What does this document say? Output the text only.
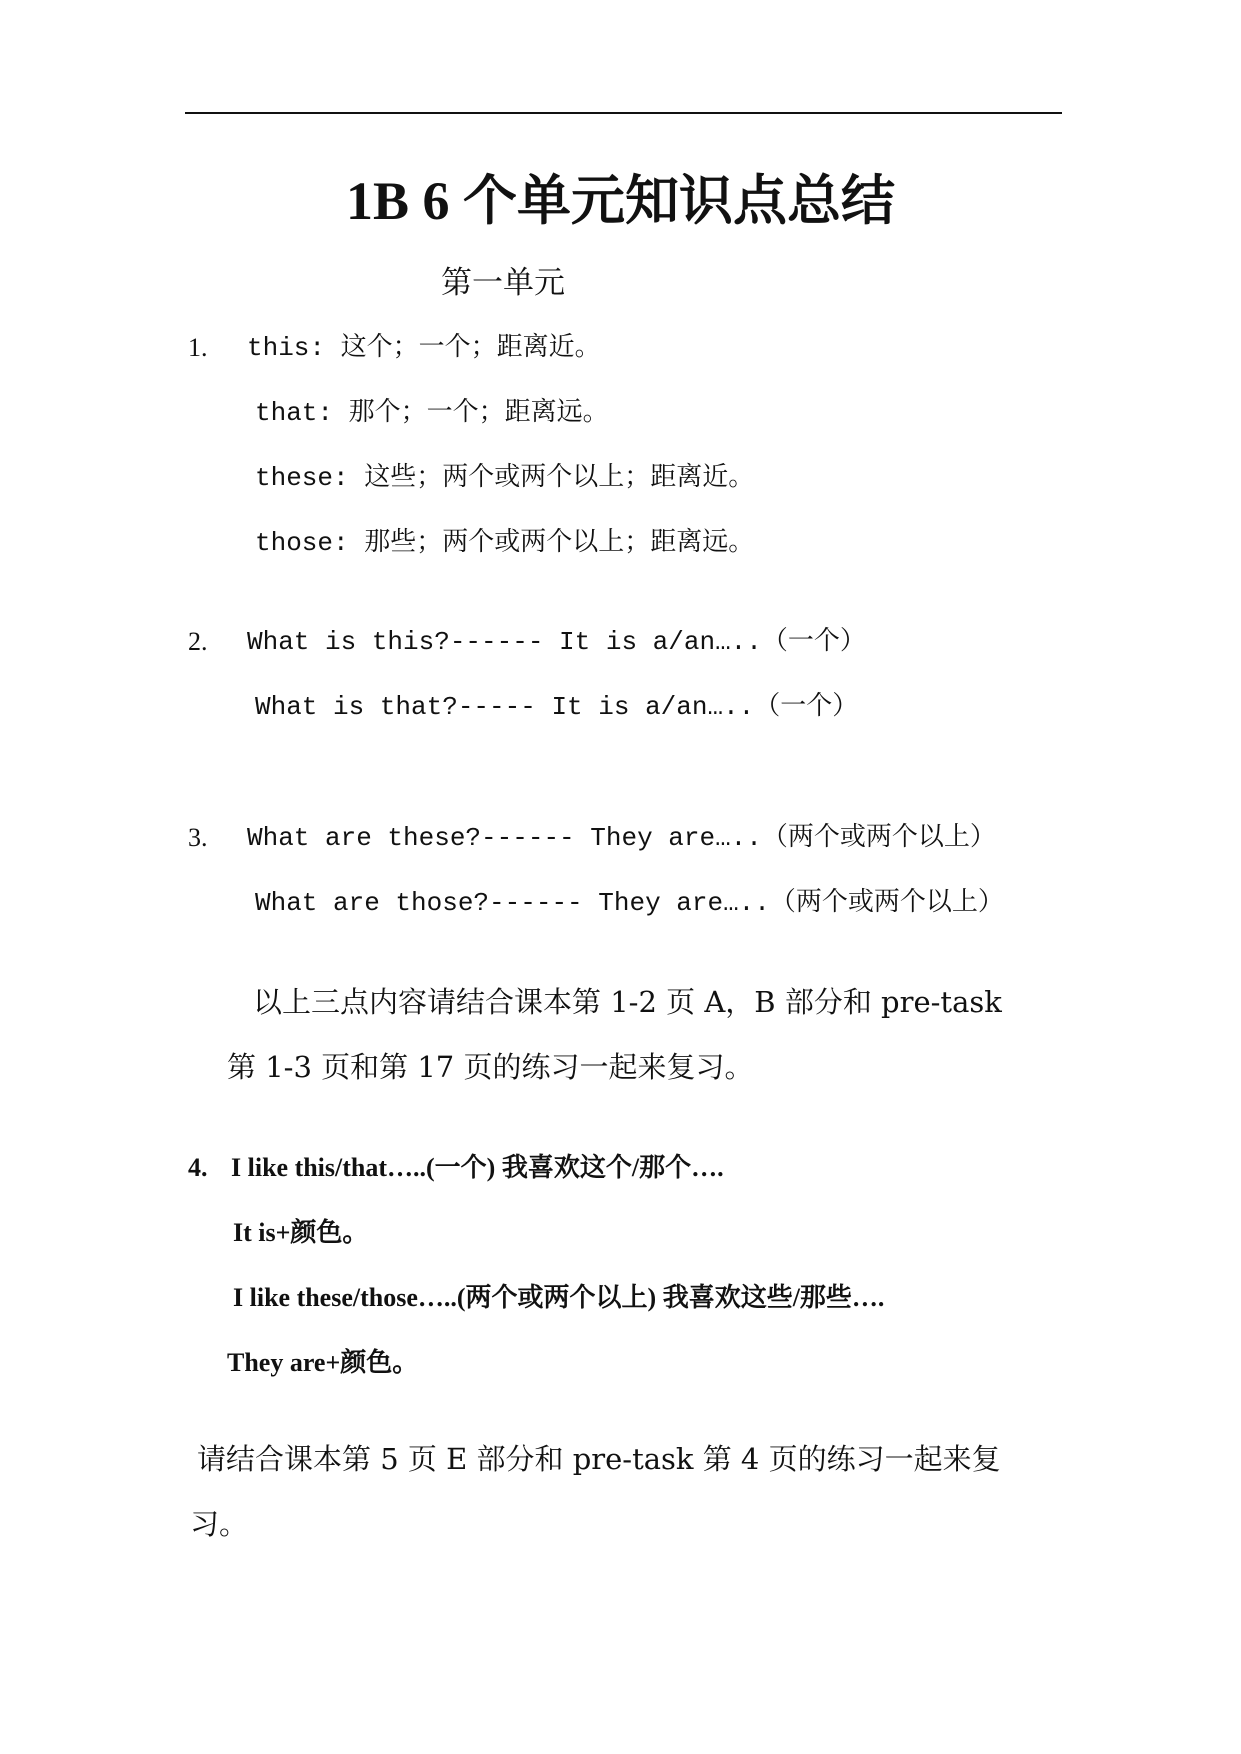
1B 6 个单元知识点总结
第一单元
1. this: 这个；一个；距离近。
that: 那个；一个；距离远。
these: 这些；两个或两个以上；距离近。
those: 那些；两个或两个以上；距离远。
2. What is this?------ It is a/an…..（一个）
What is that?----- It is a/an…..（一个）
3. What are these?------ They are…..（两个或两个以上）
What are those?------ They are…..（两个或两个以上）
以上三点内容请结合课本第 1-2 页 A，B 部分和 pre-task
第 1-3 页和第 17 页的练习一起来复习。
4. I like this/that…..(一个) 我喜欢这个/那个….
It is+颜色。
I like these/those…..(两个或两个以上) 我喜欢这些/那些….
They are+颜色。
请结合课本第 5 页 E 部分和 pre-task 第 4 页的练习一起来复
习。
